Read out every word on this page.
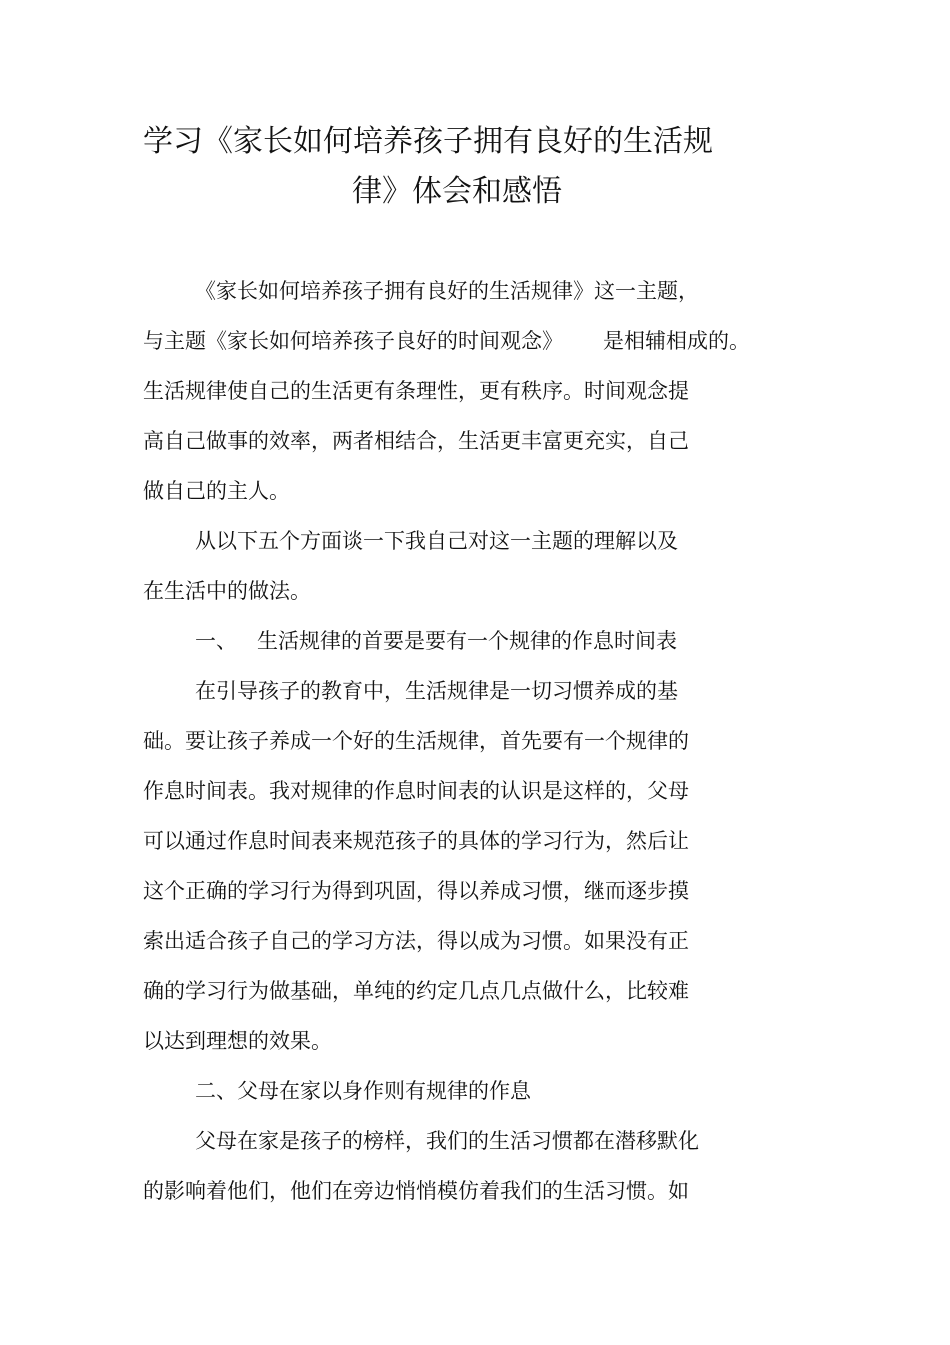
学习《家长如何培养孩子拥有良好的生活规
律》体会和感悟
《家长如何培养孩子拥有良好的生活规律》这一主题，
与主题《家长如何培养孩子良好的时间观念》 是相辅相成的。
生活规律使自己的生活更有条理性，更有秩序。时间观念提
高自己做事的效率，两者相结合，生活更丰富更充实，自己
做自己的主人。
从以下五个方面谈一下我自己对这一主题的理解以及
在生活中的做法。
一、 生活规律的首要是要有一个规律的作息时间表
在引导孩子的教育中，生活规律是一切习惯养成的基
础。要让孩子养成一个好的生活规律，首先要有一个规律的
作息时间表。我对规律的作息时间表的认识是这样的，父母
可以通过作息时间表来规范孩子的具体的学习行为，然后让
这个正确的学习行为得到巩固，得以养成习惯，继而逐步摸
索出适合孩子自己的学习方法，得以成为习惯。如果没有正
确的学习行为做基础，单纯的约定几点几点做什么，比较难
以达到理想的效果。
二、父母在家以身作则有规律的作息
父母在家是孩子的榜样，我们的生活习惯都在潜移默化
的影响着他们，他们在旁边悄悄模仿着我们的生活习惯。如
